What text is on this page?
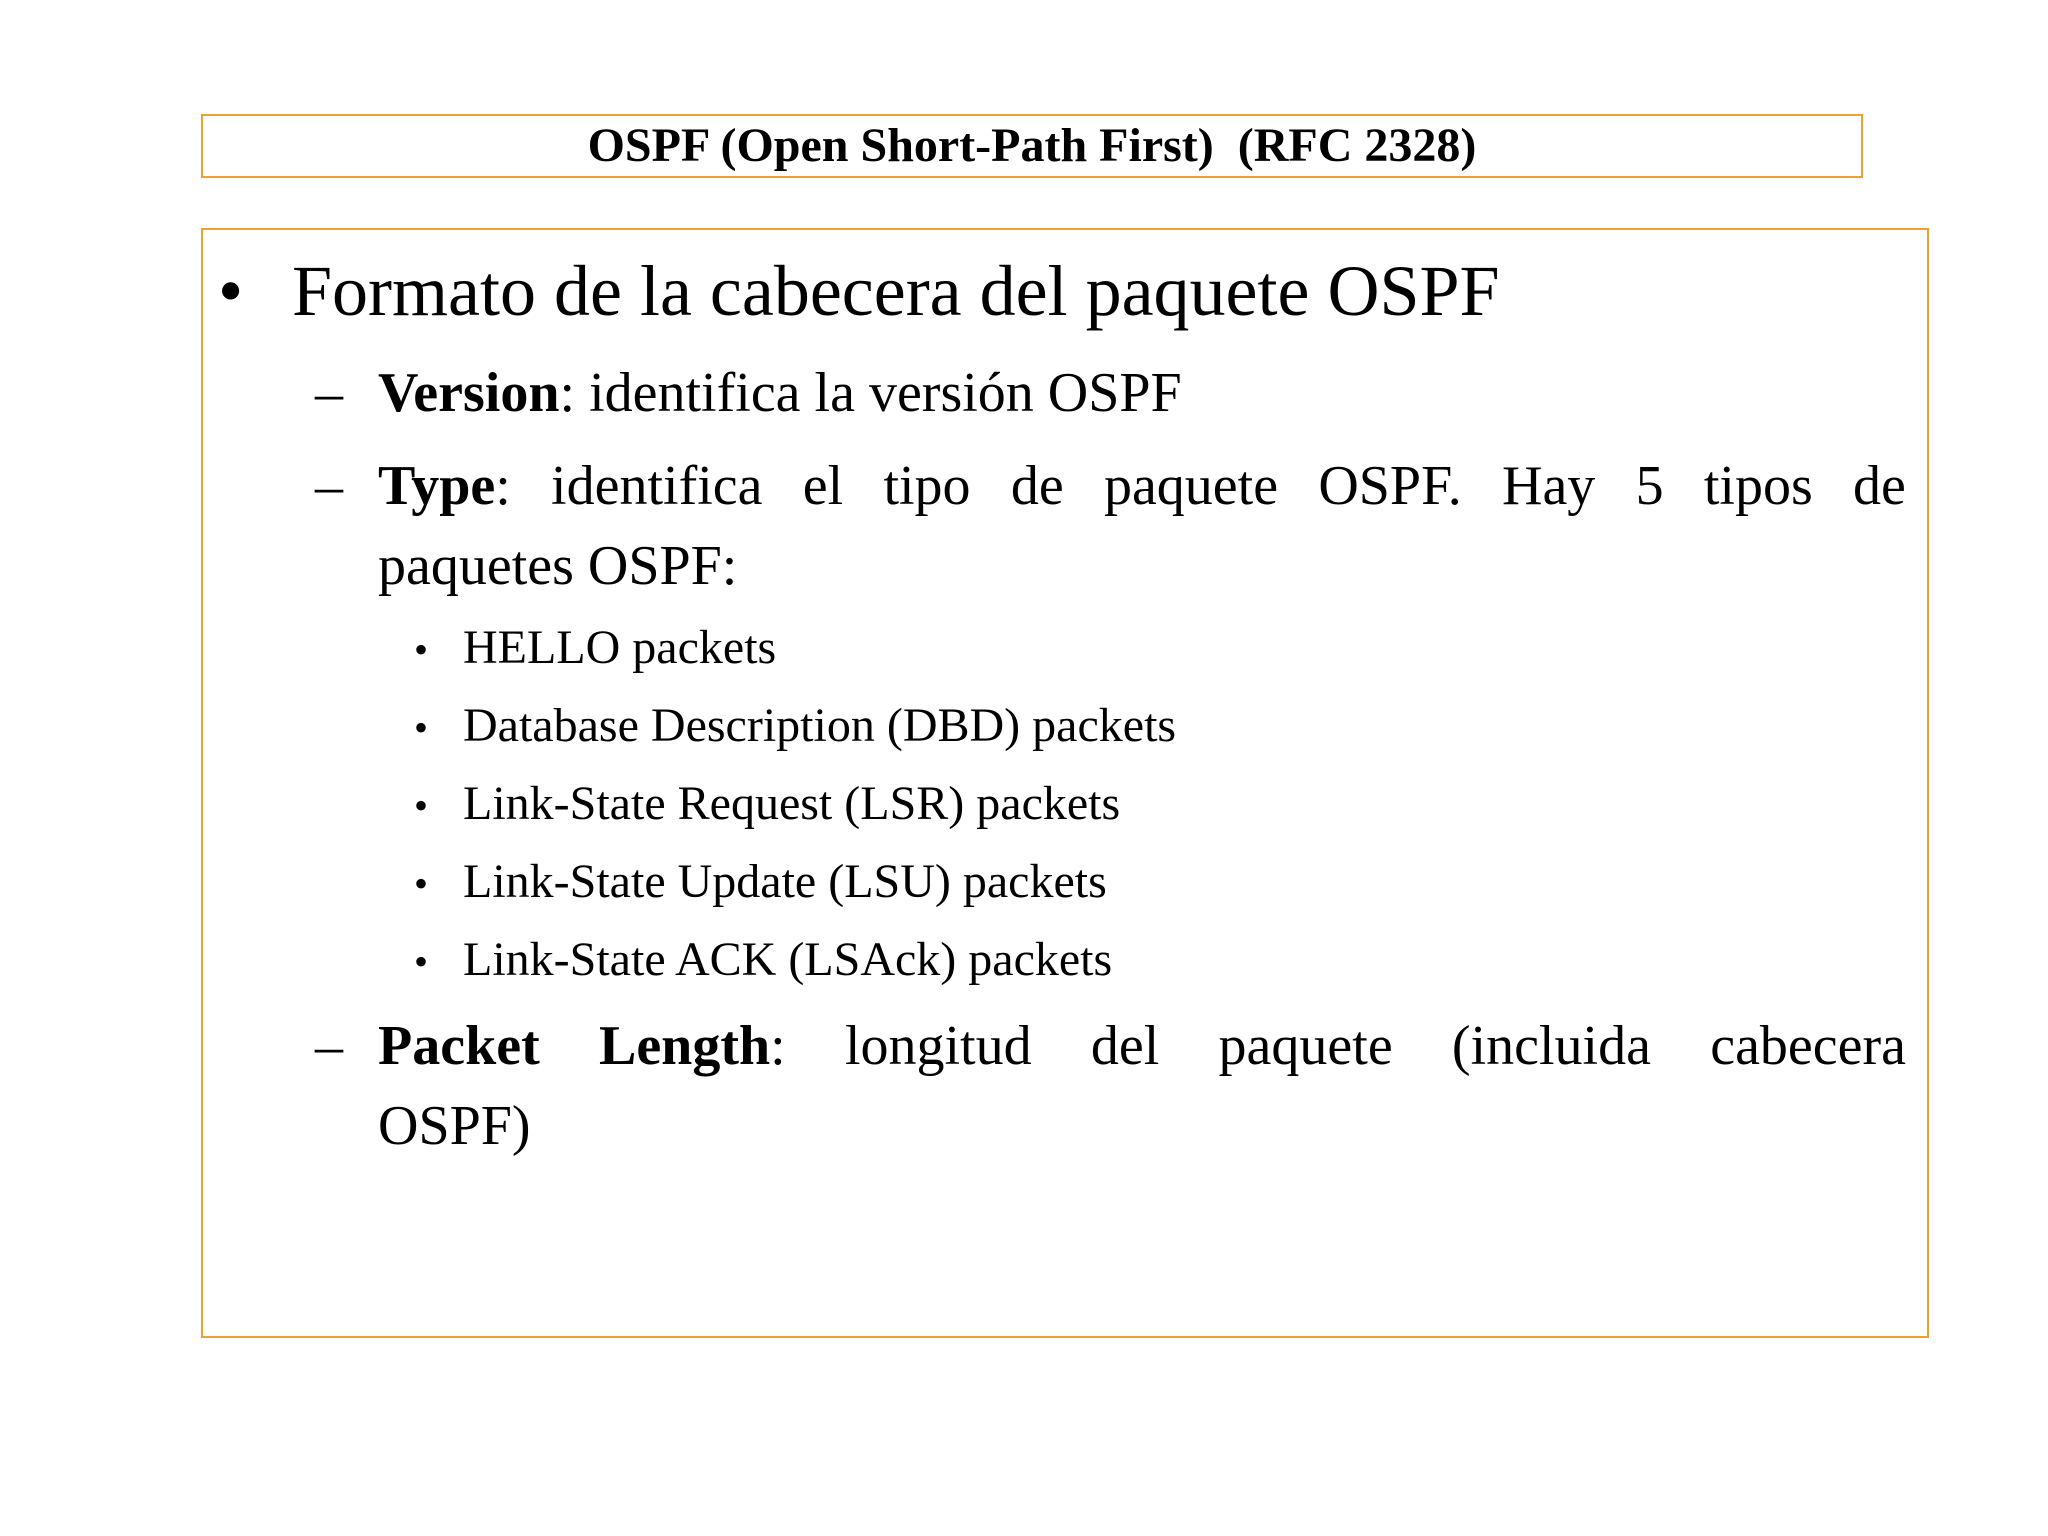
OSPF (Open Short-Path First)  (RFC 2328)
• Formato de la cabecera del paquete OSPF
– Version: identifica la versión OSPF
– Type: identifica el tipo de paquete OSPF. Hay 5 tipos de
paquetes OSPF:
• HELLO packets
• Database Description (DBD) packets
• Link-State Request (LSR) packets
• Link-State Update (LSU) packets
• Link-State ACK (LSAck) packets
– Packet Length: longitud del paquete (incluida cabecera
OSPF)
